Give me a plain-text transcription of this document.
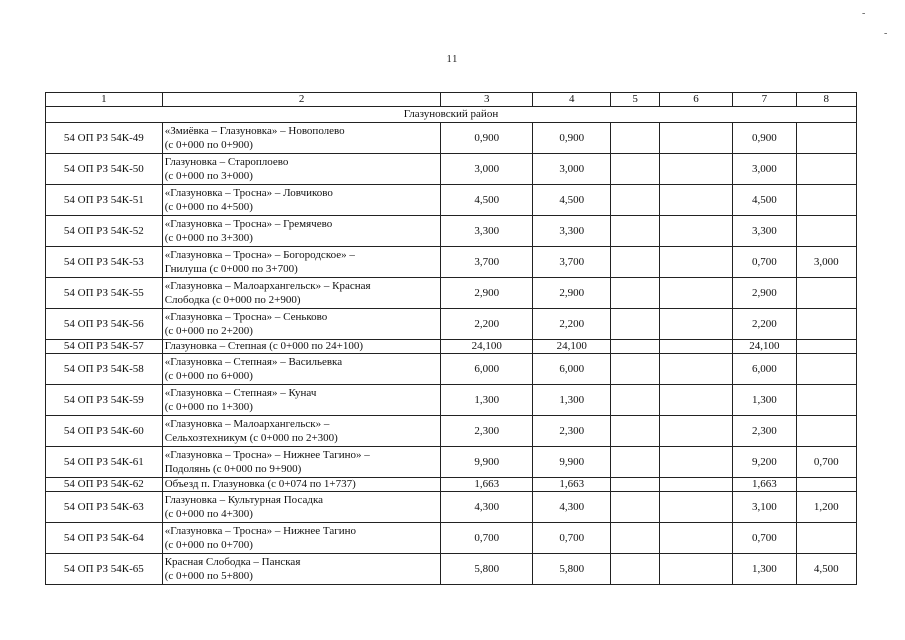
-
-
11
1	2	3	4	5	6	7	8
Глазуновский район							
54 ОП РЗ 54К-49	«Змиёвка – Глазуновка» – Новополево
(с 0+000 по 0+900)	0,900	0,900			0,900	
54 ОП РЗ 54К-50	Глазуновка – Староплоево
(с 0+000 по 3+000)	3,000	3,000			3,000	
54 ОП РЗ 54К-51	«Глазуновка – Тросна» – Ловчиково
(с 0+000 по 4+500)	4,500	4,500			4,500	
54 ОП РЗ 54К-52	«Глазуновка – Тросна» – Гремячево
(с 0+000 по 3+300)	3,300	3,300			3,300	
54 ОП РЗ 54К-53	«Глазуновка – Тросна» – Богородское» –
Гнилуша (с 0+000 по 3+700)	3,700	3,700			0,700	3,000
54 ОП РЗ 54К-55	«Глазуновка – Малоархангельск» – Красная
Слободка (с 0+000 по 2+900)	2,900	2,900			2,900	
54 ОП РЗ 54К-56	«Глазуновка – Тросна» – Сеньково
(с 0+000 по 2+200)	2,200	2,200			2,200	
54 ОП РЗ 54К-57	Глазуновка – Степная (с 0+000 по 24+100)	24,100	24,100			24,100	
54 ОП РЗ 54К-58	«Глазуновка – Степная» – Васильевка
(с 0+000 по 6+000)	6,000	6,000			6,000	
54 ОП РЗ 54К-59	«Глазуновка – Степная» – Кунач
(с 0+000 по 1+300)	1,300	1,300			1,300	
54 ОП РЗ 54К-60	«Глазуновка – Малоархангельск» –
Сельхозтехникум (с 0+000 по 2+300)	2,300	2,300			2,300	
54 ОП РЗ 54К-61	«Глазуновка – Тросна» – Нижнее Тагино» –
Подолянь (с 0+000 по 9+900)	9,900	9,900			9,200	0,700
54 ОП РЗ 54К-62	Объезд п. Глазуновка (с 0+074 по 1+737)	1,663	1,663			1,663	
54 ОП РЗ 54К-63	Глазуновка – Культурная Посадка
(с 0+000 по 4+300)	4,300	4,300			3,100	1,200
54 ОП РЗ 54К-64	«Глазуновка – Тросна» – Нижнее Тагино
(с 0+000 по 0+700)	0,700	0,700			0,700	
54 ОП РЗ 54К-65	Красная Слободка – Панская
(с 0+000 по 5+800)	5,800	5,800			1,300	4,500
